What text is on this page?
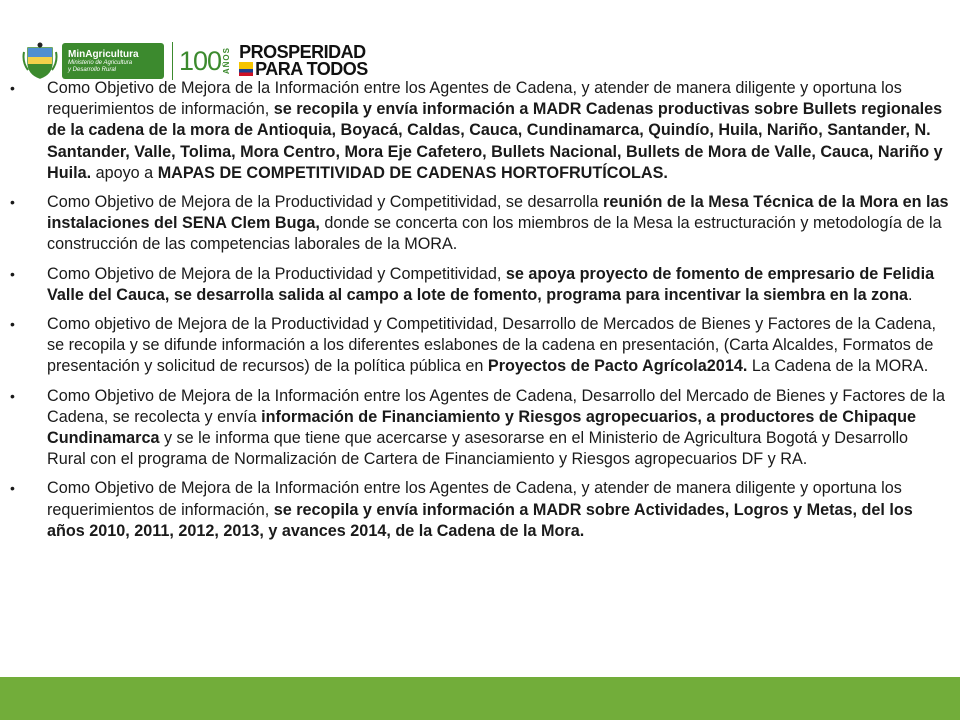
MinAgricultura
Ministerio de Agricultura
y Desarrollo Rural	100 AÑOS PROSPERIDAD
PARA TODOS
•
Como Objetivo de Mejora de la Información entre los Agentes de Cadena, y atender de manera diligente y oportuna los requerimientos de información, se recopila y envía información a MADR Cadenas productivas sobre Bullets regionales de la cadena de la mora de Antioquia, Boyacá, Caldas, Cauca, Cundinamarca, Quindío, Huila, Nariño, Santander, N. Santander, Valle, Tolima, Mora Centro, Mora Eje Cafetero, Bullets Nacional, Bullets de Mora de Valle, Cauca, Nariño y Huila. apoyo a MAPAS DE COMPETITIVIDAD DE CADENAS HORTOFRUTÍCOLAS.
•
Como Objetivo de Mejora de la Productividad y Competitividad, se desarrolla reunión de la Mesa Técnica de la Mora en las instalaciones del SENA Clem Buga, donde se concerta con los miembros de la Mesa la estructuración y metodología de la construcción de las competencias laborales de la MORA.
•
Como Objetivo de Mejora de la Productividad y Competitividad, se apoya proyecto de fomento de empresario de Felidia Valle del Cauca, se desarrolla salida al campo a lote de fomento, programa para incentivar la siembra en la zona.
•
Como objetivo de Mejora de la Productividad y Competitividad, Desarrollo de Mercados de Bienes y Factores de la Cadena, se recopila y se difunde información a los diferentes eslabones de la cadena en presentación, (Carta Alcaldes, Formatos de presentación y solicitud de recursos) de la política pública en Proyectos de Pacto Agrícola2014. La Cadena de la MORA.
•
Como Objetivo de Mejora de la Información entre los Agentes de Cadena, Desarrollo del Mercado de Bienes y Factores de la Cadena, se recolecta y envía información de Financiamiento y Riesgos agropecuarios, a productores de Chipaque Cundinamarca y se le informa que tiene que acercarse y asesorarse en el Ministerio de Agricultura Bogotá y Desarrollo Rural con el programa de Normalización de Cartera de Financiamiento y Riesgos agropecuarios DF y RA.
•
Como Objetivo de Mejora de la Información entre los Agentes de Cadena, y atender de manera diligente y oportuna los requerimientos de información, se recopila y envía información a MADR sobre Actividades, Logros y Metas, del los años 2010, 2011, 2012, 2013, y avances 2014, de la Cadena de la Mora.
